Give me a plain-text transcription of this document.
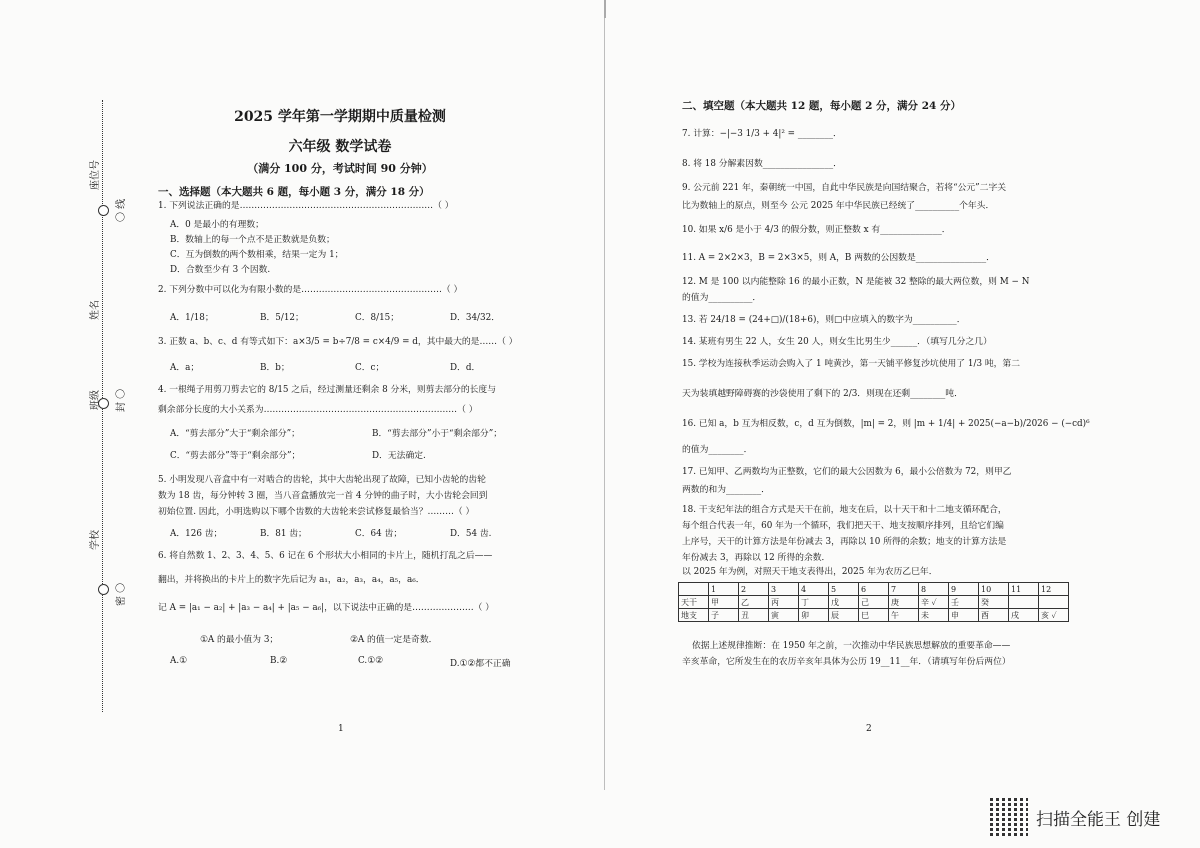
座位号
姓名
班级
学校
〇 线
封 〇
密 〇
2025 学年第一学期期中质量检测
六年级 数学试卷
（满分 100 分，考试时间 90 分钟）
一、选择题（本大题共 6 题，每小题 3 分，满分 18 分）
1. 下列说法正确的是…………………………………………………………（ ）
A．0 是最小的有理数；
B．数轴上的每一个点不是正数就是负数；
C．互为倒数的两个数相乘，结果一定为 1；
D．合数至少有 3 个因数.
2. 下列分数中可以化为有限小数的是…………………………………………（ ）
A．1/18；	B．5/12；	C．8/15；	D．34/32．
3. 正数 a、b、c、d 有等式如下：a×3/5 = b÷7/8 = c×4/9 = d，其中最大的是……（ ）
A．a；	B．b；	C．c；	D．d．
4. 一根绳子用剪刀剪去它的 8/15 之后，经过测量还剩余 8 分米，则剪去部分的长度与
剩余部分长度的大小关系为…………………………………………………………（ ）
A．“剪去部分”大于“剩余部分”；	B．“剪去部分”小于“剩余部分”；
C．“剪去部分”等于“剩余部分”；	D．无法确定.
5. 小明发现八音盒中有一对啮合的齿轮，其中大齿轮出现了故障，已知小齿轮的齿轮
数为 18 齿，每分钟转 3 圈，当八音盒播放完一首 4 分钟的曲子时，大小齿轮会回到
初始位置. 因此，小明选购以下哪个齿数的大齿轮来尝试修复最恰当？………（ ）
A．126 齿；	B．81 齿；	C．64 齿；	D．54 齿.
6. 将自然数 1、2、3、4、5、6 记在 6 个形状大小相同的卡片上，随机打乱之后——
翻出，并将换出的卡片上的数字先后记为 a₁，a₂，a₃，a₄，a₅，a₆．
记 A = |a₁ − a₂| + |a₃ − a₄| + |a₅ − a₆|，以下说法中正确的是…………………（ ）
①A 的最小值为 3；	②A 的值一定是奇数．
A.①	B.②	C.①②	D.①②都不正确
1
二、填空题（本大题共 12 题，每小题 2 分，满分 24 分）
7. 计算：−|−3 1/3 + 4|² = ________．
8. 将 18 分解素因数________________．
9. 公元前 221 年，秦朝统一中国，自此中华民族是向国结聚合，若将“公元”二字关
比为数轴上的原点，则至今 公元 2025 年中华民族已经统了__________个年头．
10. 如果 x/6 是小于 4/3 的假分数，则正整数 x 有______________．
11. A = 2×2×3，B = 2×3×5，则 A，B 两数的公因数是________________．
12. M 是 100 以内能整除 16 的最小正数，N 是能被 32 整除的最大两位数，则 M − N
的值为__________．
13. 若 24/18 = (24+□)/(18+6)，则□中应填入的数字为__________．
14. 某班有男生 22 人，女生 20 人，则女生比男生少______．（填写几分之几）
15. 学校为连接秋季运动会购入了 1 吨黄沙，第一天铺平修复沙坑使用了 1/3 吨，第二
天为装填越野障碍赛的沙袋使用了剩下的 2/3．则现在还剩________吨．
16. 已知 a，b 互为相反数，c，d 互为倒数，|m| = 2，则 |m + 1/4| + 2025(−a−b)/2026 − (−cd)⁶
的值为________．
17. 已知甲、乙两数均为正整数，它们的最大公因数为 6，最小公倍数为 72，则甲乙
两数的和为________．
18. 干支纪年法的组合方式是天干在前，地支在后，以十天干和十二地支循环配合，
每个组合代表一年，60 年为一个循环，我们把天干、地支按顺序排列，且给它们编
上序号，天干的计算方法是年份减去 3，再除以 10 所得的余数；地支的计算方法是
年份减去 3，再除以 12 所得的余数．
以 2025 年为例，对照天干地支表得出，2025 年为农历乙巳年．
	1	2	3	4	5	6	7	8	9	10	11	12
天干	甲	乙	丙	丁	戊	己	庚	辛 ✓	壬	癸		
地支	子	丑	寅	卯	辰	巳	午	未	申	酉	戌	亥 ✓
依据上述规律推断：在 1950 年之前，一次推动中华民族思想解放的重要革命——
辛亥革命，它所发生在的农历辛亥年具体为公历 19__11__年．（请填写年份后两位）
2
扫描全能王 创建
